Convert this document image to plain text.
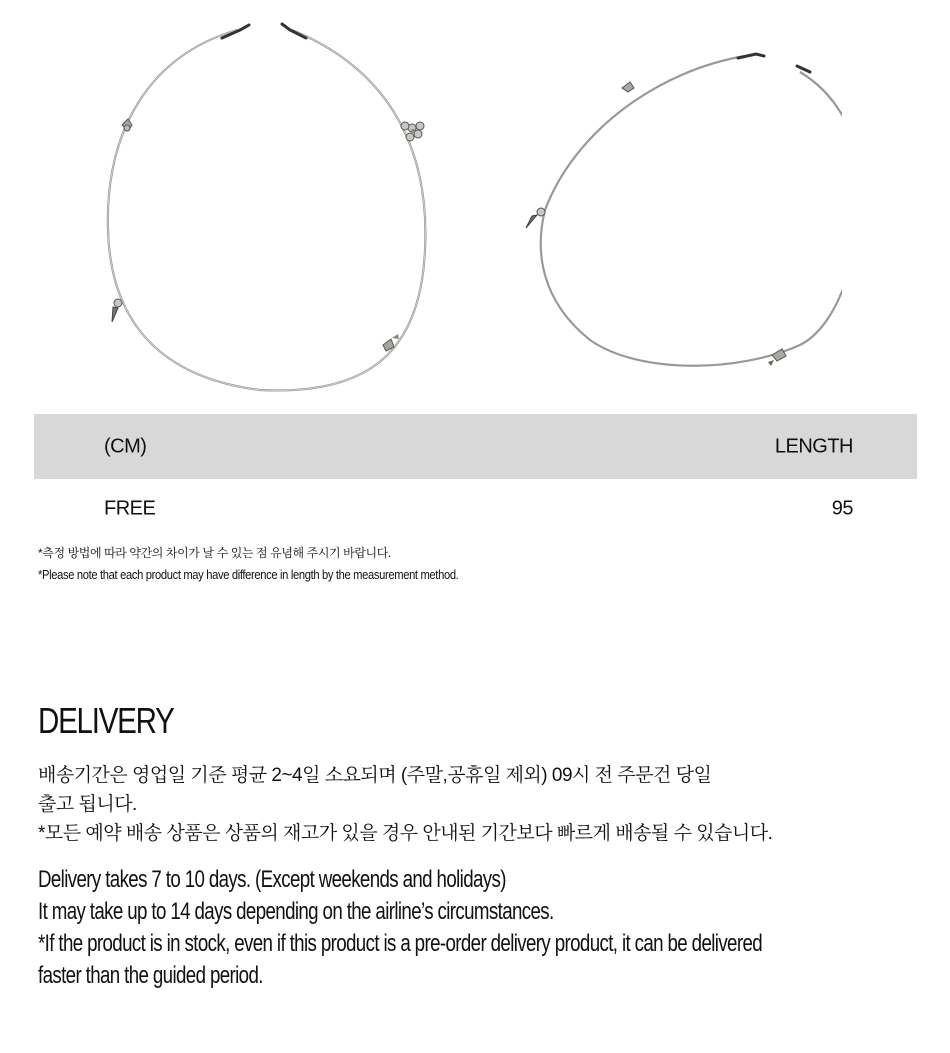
(CM)	LENGTH
FREE	95
*측정 방법에 따라 약간의 차이가 날 수 있는 점 유념해 주시기 바랍니다.
*Please note that each product may have difference in length by the measurement method.
DELIVERY
배송기간은 영업일 기준 평균 2~4일 소요되며 (주말,공휴일 제외) 09시 전 주문건 당일
출고 됩니다.
*모든 예약 배송 상품은 상품의 재고가 있을 경우 안내된 기간보다 빠르게 배송될 수 있습니다.
Delivery takes 7 to 10 days. (Except weekends and holidays)
It may take up to 14 days depending on the airline’s circumstances.
*If the product is in stock, even if this product is a pre-order delivery product, it can be delivered
faster than the guided period.
